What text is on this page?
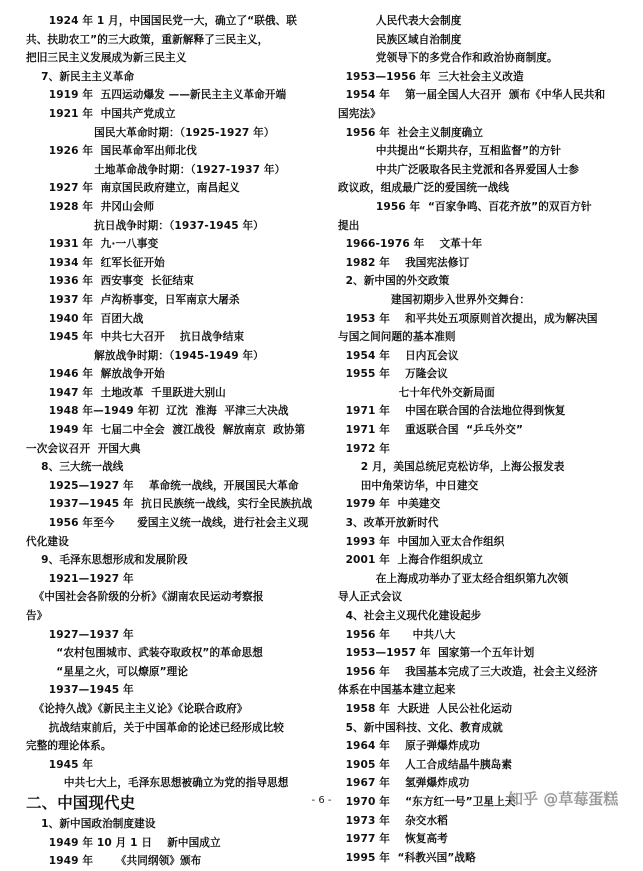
1924 年 1 月，中国国民党一大，确立了“联俄、联
共、扶助农工”的三大政策，重新解释了三民主义，
把旧三民主义发展成为新三民主义
7、新民主主义革命
1919 年  五四运动爆发 ——新民主主义革命开端
1921 年  中国共产党成立
国民大革命时期：（1925-1927 年）
1926 年  国民革命军出师北伐
土地革命战争时期：（1927-1937 年）
1927 年  南京国民政府建立，南昌起义
1928 年  井冈山会师
抗日战争时期：（1937-1945 年）
1931 年  九·一八事变
1934 年  红军长征开始
1936 年  西安事变  长征结束
1937 年  卢沟桥事变，日军南京大屠杀
1940 年  百团大战
1945 年  中共七大召开    抗日战争结束
解放战争时期：（1945-1949 年）
1946 年  解放战争开始
1947 年  土地改革  千里跃进大别山
1948 年—1949 年初  辽沈  淮海  平津三大决战
1949 年  七届二中全会  渡江战役  解放南京  政协第
一次会议召开  开国大典
8、三大统一战线
1925—1927 年    革命统一战线，开展国民大革命
1937—1945 年  抗日民族统一战线，实行全民族抗战
1956 年至今      爱国主义统一战线，进行社会主义现
代化建设
9、毛泽东思想形成和发展阶段
1921—1927 年
《中国社会各阶级的分析》《湖南农民运动考察报
告》
1927—1937 年
“农村包围城市、武装夺取政权”的革命思想
“星星之火，可以燎原”理论
1937—1945 年
《论持久战》《新民主主义论》《论联合政府》
抗战结束前后，关于中国革命的论述已经形成比较
完整的理论体系。
1945 年
中共七大上，毛泽东思想被确立为党的指导思想
二、中国现代史
1、新中国政治制度建设
1949 年 10 月 1 日    新中国成立
1949 年      《共同纲领》颁布
人民代表大会制度
民族区域自治制度
党领导下的多党合作和政治协商制度。
1953—1956 年  三大社会主义改造
1954 年    第一届全国人大召开  颁布《中华人民共和
国宪法》
1956 年  社会主义制度确立
中共提出“长期共存，互相监督”的方针
中共广泛吸取各民主党派和各界爱国人士参
政议政，组成最广泛的爱国统一战线
1956 年  “百家争鸣、百花齐放”的双百方针
提出
1966-1976 年    文革十年
1982 年    我国宪法修订
2、新中国的外交政策
建国初期步入世界外交舞台：
1953 年    和平共处五项原则首次提出，成为解决国
与国之间问题的基本准则
1954 年    日内瓦会议
1955 年    万隆会议
七十年代外交新局面
1971 年    中国在联合国的合法地位得到恢复
1971 年    重返联合国  “乒乓外交”
1972 年
2 月，美国总统尼克松访华，上海公报发表
田中角荣访华，中日建交
1979 年  中美建交
3、改革开放新时代
1993 年  中国加入亚太合作组织
2001 年  上海合作组织成立
在上海成功举办了亚太经合组织第九次领
导人正式会议
4、社会主义现代化建设起步
1956 年      中共八大
1953—1957 年  国家第一个五年计划
1956 年    我国基本完成了三大改造，社会主义经济
体系在中国基本建立起来
1958 年  大跃进  人民公社化运动
5、新中国科技、文化、教育成就
1964 年    原子弹爆炸成功
1905 年    人工合成结晶牛胰岛素
1967 年    氢弹爆炸成功
1970 年    “东方红一号”卫星上天
1973 年    杂交水稻
1977 年    恢复高考
1995 年  “科教兴国”战略
- 6 -	知乎 @草莓蛋糕
